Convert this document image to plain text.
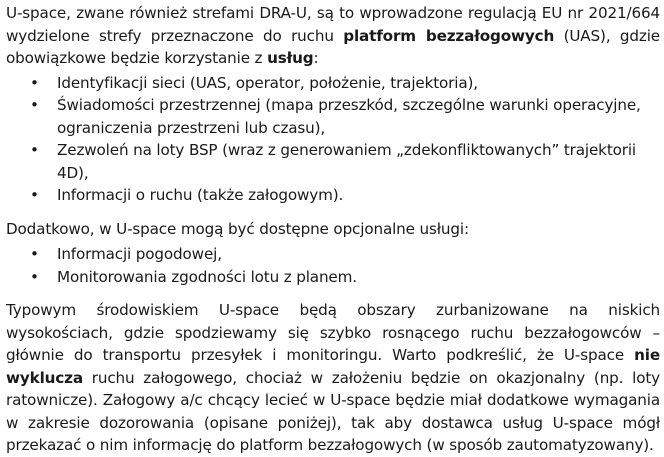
U-space, zwane również strefami DRA-U, są to wprowadzone regulacją EU nr 2021/664 wydzielone strefy przeznaczone do ruchu platform bezzałogowych (UAS), gdzie obowiązkowe będzie korzystanie z usług:

• Identyfikacji sieci (UAS, operator, położenie, trajektoria),
• Świadomości przestrzennej (mapa przeszkód, szczególne warunki operacyjne, ograniczenia przestrzeni lub czasu),
• Zezwoleń na loty BSP (wraz z generowaniem „zdekonfliktowanych” trajektorii 4D),
• Informacji o ruchu (także załogowym).

Dodatkowo, w U-space mogą być dostępne opcjonalne usługi:

• Informacji pogodowej,
• Monitorowania zgodności lotu z planem.

Typowym środowiskiem U-space będą obszary zurbanizowane na niskich wysokościach, gdzie spodziewamy się szybko rosnącego ruchu bezzałogowców – głównie do transportu przesyłek i monitoringu. Warto podkreślić, że U-space nie wyklucza ruchu załogowego, chociaż w założeniu będzie on okazjonalny (np. loty ratownicze). Załogowy a/c chcący lecieć w U-space będzie miał dodatkowe wymagania w zakresie dozorowania (opisane poniżej), tak aby dostawca usług U-space mógł przekazać o nim informację do platform bezzałogowych (w sposób zautomatyzowany).
